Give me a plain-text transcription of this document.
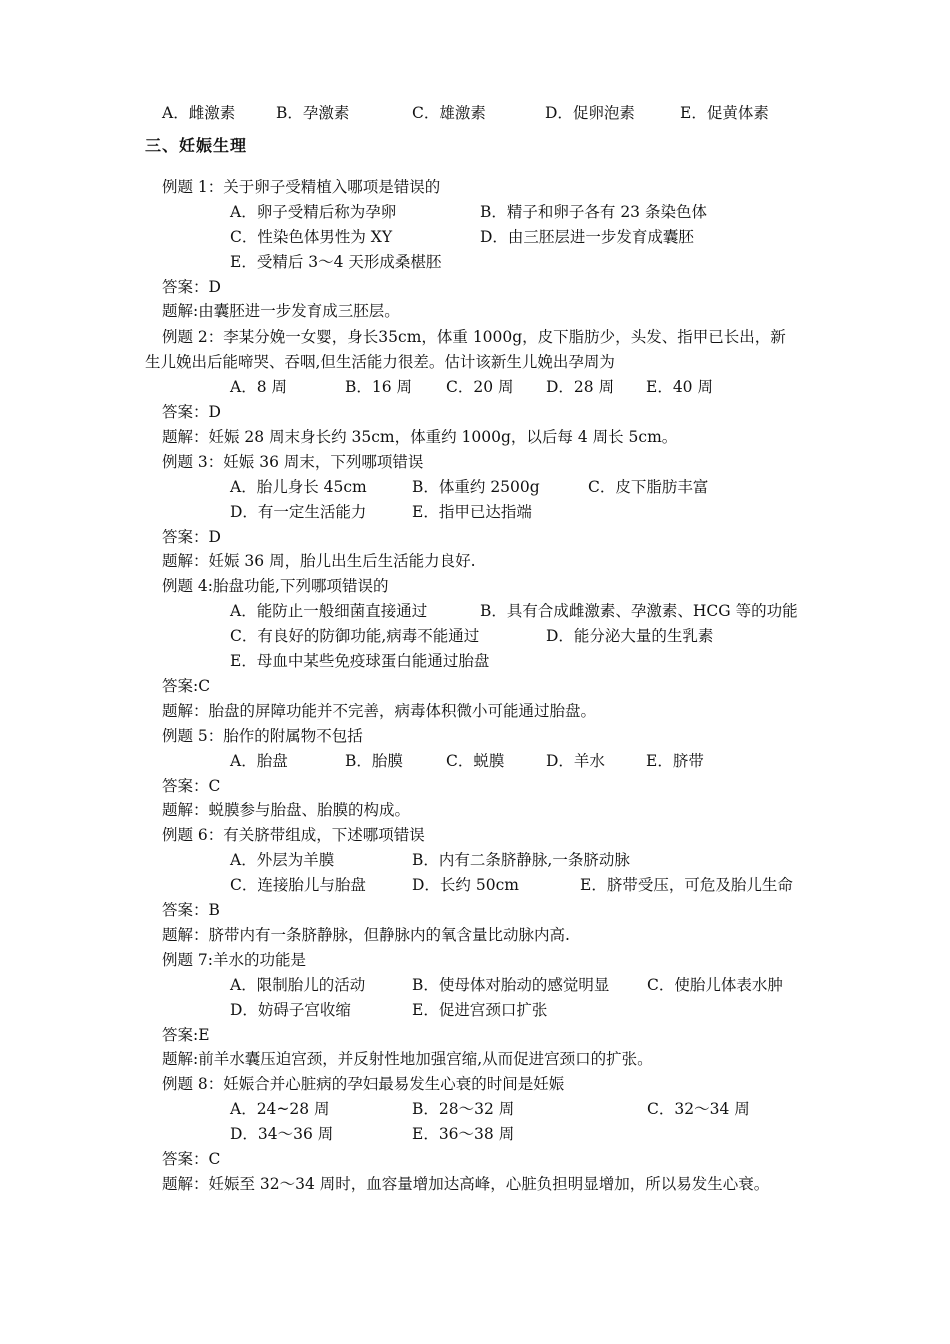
A．雌激素	B．孕激素	C．雄激素	D．促卵泡素	E．促黄体素
三、妊娠生理
例题 1：关于卵子受精植入哪项是错误的
A．卵子受精后称为孕卵	B．精子和卵子各有 23 条染色体
C．性染色体男性为 XY	D．由三胚层进一步发育成囊胚
E．受精后 3～4 天形成桑椹胚
答案：D
题解:由囊胚进一步发育成三胚层。
例题 2：李某分娩一女婴，身长35cm，体重 1000g，皮下脂肪少，头发、指甲已长出，新
生儿娩出后能啼哭、吞咽,但生活能力很差。估计该新生儿娩出孕周为
A．8 周	B．16 周 C．20 周 D．28 周 E．40 周
答案：D
题解：妊娠 28 周末身长约 35cm，体重约 1000g，以后每 4 周长 5cm。
例题 3：妊娠 36 周末，下列哪项错误
A．胎儿身长 45cm	B．体重约 2500g	C．皮下脂肪丰富
D．有一定生活能力	E．指甲已达指端
答案：D
题解：妊娠 36 周，胎儿出生后生活能力良好.
例题 4:胎盘功能,下列哪项错误的
A．能防止一般细菌直接通过	B．具有合成雌激素、孕激素、HCG 等的功能
C．有良好的防御功能,病毒不能通过	D．能分泌大量的生乳素
E．母血中某些免疫球蛋白能通过胎盘
答案:C
题解：胎盘的屏障功能并不完善，病毒体积微小可能通过胎盘。
例题 5：胎作的附属物不包括
A．胎盘	B．胎膜	C．蜕膜	D．羊水	E．脐带
答案：C
题解：蜕膜参与胎盘、胎膜的构成。
例题 6：有关脐带组成，下述哪项错误
A．外层为羊膜	B．内有二条脐静脉,一条脐动脉
C．连接胎儿与胎盘	D．长约 50cm	E．脐带受压，可危及胎儿生命
答案：B
题解：脐带内有一条脐静脉，但静脉内的氧含量比动脉内高.
例题 7:羊水的功能是
A．限制胎儿的活动	B．使母体对胎动的感觉明显 C．使胎儿体表水肿
D．妨碍子宫收缩	E．促进宫颈口扩张
答案:E
题解:前羊水囊压迫宫颈，并反射性地加强宫缩,从而促进宫颈口的扩张。
例题 8：妊娠合并心脏病的孕妇最易发生心衰的时间是妊娠
A．24~28 周	B．28～32 周	C．32～34 周
D．34～36 周	E．36～38 周
答案：C
题解：妊娠至 32～34 周时，血容量增加达高峰，心脏负担明显增加，所以易发生心衰。
